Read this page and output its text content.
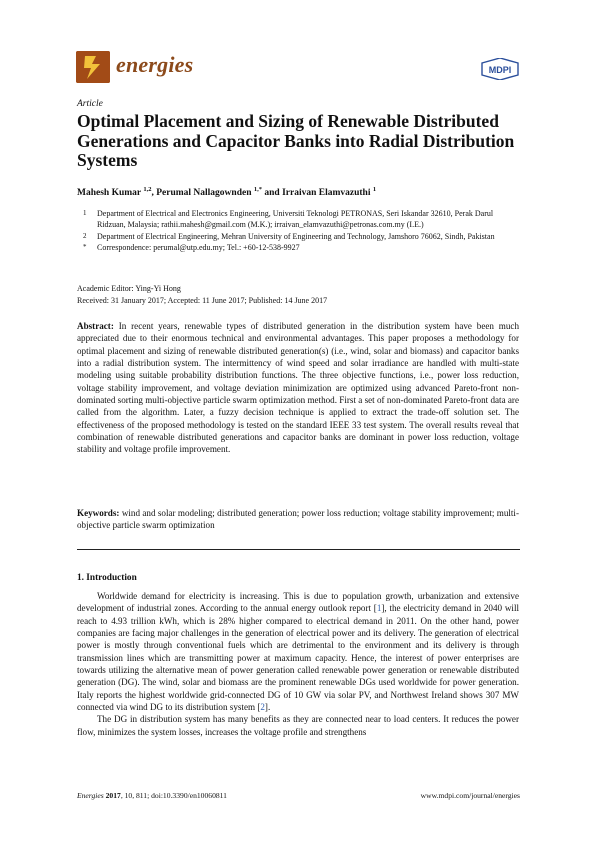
energies	MDPI
Article
Optimal Placement and Sizing of Renewable Distributed Generations and Capacitor Banks into Radial Distribution Systems
Mahesh Kumar $^{1,2}$, Perumal Nallagownden $^{1,*}$ and Irraivan Elamvazuthi $^1$
1 Department of Electrical and Electronics Engineering, Universiti Teknologi PETRONAS, Seri Iskandar 32610, Perak Darul Ridzuan, Malaysia; rathii.mahesh@gmail.com (M.K.); irraivan_elamvazuthi@petronas.com.my (I.E.)
2 Department of Electrical Engineering, Mehran University of Engineering and Technology, Jamshoro 76062, Sindh, Pakistan
* Correspondence: perumal@utp.edu.my; Tel.: +60-12-538-9927
Academic Editor: Ying-Yi Hong
Received: 31 January 2017; Accepted: 11 June 2017; Published: 14 June 2017
Abstract: In recent years, renewable types of distributed generation in the distribution system have been much appreciated due to their enormous technical and environmental advantages. This paper proposes a methodology for optimal placement and sizing of renewable distributed generation(s) (i.e., wind, solar and biomass) and capacitor banks into a radial distribution system. The intermittency of wind speed and solar irradiance are handled with multi-state modeling using suitable probability distribution functions. The three objective functions, i.e., power loss reduction, voltage stability improvement, and voltage deviation minimization are optimized using advanced Pareto-front non-dominated sorting multi-objective particle swarm optimization method. First a set of non-dominated Pareto-front data are called from the algorithm. Later, a fuzzy decision technique is applied to extract the trade-off solution set. The effectiveness of the proposed methodology is tested on the standard IEEE 33 test system. The overall results reveal that combination of renewable distributed generations and capacitor banks are dominant in power loss reduction, voltage stability and voltage profile improvement.
Keywords: wind and solar modeling; distributed generation; power loss reduction; voltage stability improvement; multi-objective particle swarm optimization
1. Introduction

Worldwide demand for electricity is increasing. This is due to population growth, urbanization and extensive development of industrial zones. According to the annual energy outlook report [1], the electricity demand in 2040 will reach to 4.93 trillion kWh, which is 28% higher compared to electrical demand in 2011. On the other hand, power companies are facing major challenges in the generation of electrical power and its delivery. The generation of electrical power is mostly through conventional fuels which are detrimental to the environment and its delivery is through transmission lines which are transmitting power at maximum capacity. Hence, the interest of power enterprises are towards utilizing the alternative mean of power generation called renewable power generation or renewable distributed generation (DG). The wind, solar and biomass are the prominent renewable DGs used worldwide for power generation. Italy reports the highest worldwide grid-connected DG of 10 GW via solar PV, and Northwest Ireland shows 307 MW connected via wind DG to its distribution system [2].

The DG in distribution system has many benefits as they are connected near to load centers. It reduces the power flow, minimizes the system losses, increases the voltage profile and strengthens

Energies 2017, 10, 811; doi:10.3390/en10060811	www.mdpi.com/journal/energies
